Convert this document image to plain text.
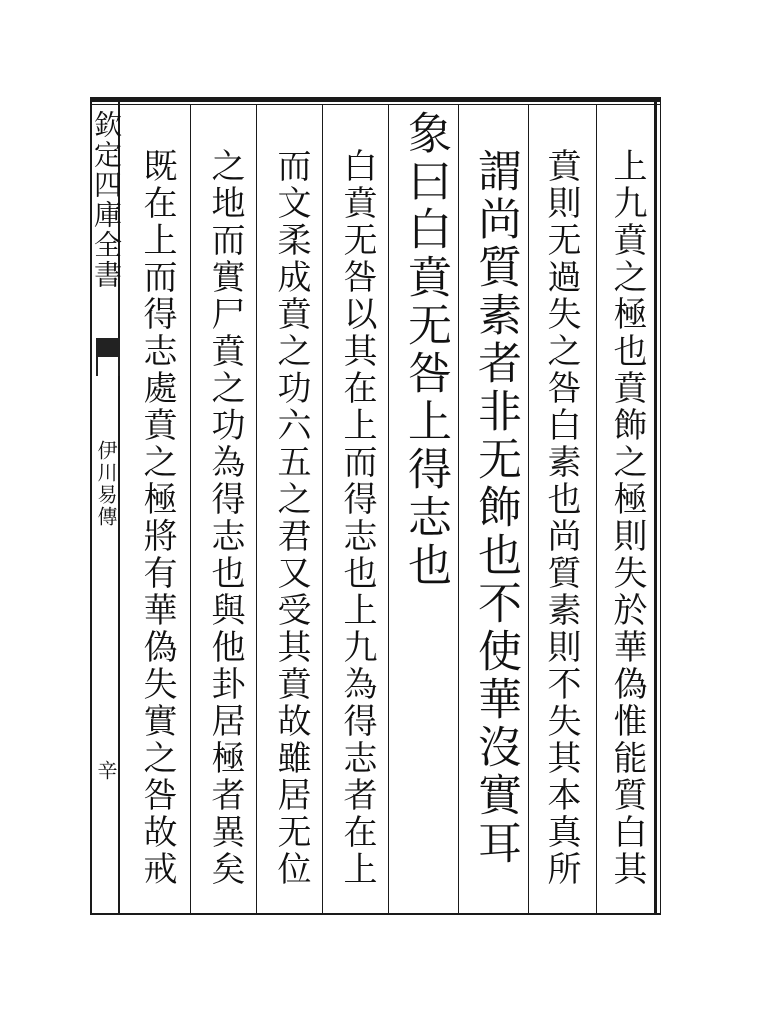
欽定四庫全書
伊川易傳
辛	上九賁之極也賁飾之極則失於華偽惟能質白其
賁則无過失之咎白素也尚質素則不失其本真所
謂尚質素者非无飾也不使華沒實耳
象曰白賁无咎上得志也
白賁无咎以其在上而得志也上九為得志者在上
而文柔成賁之功六五之君又受其賁故雖居无位
之地而實尸賁之功為得志也與他卦居極者異矣
既在上而得志處賁之極將有華偽失實之咎故戒
